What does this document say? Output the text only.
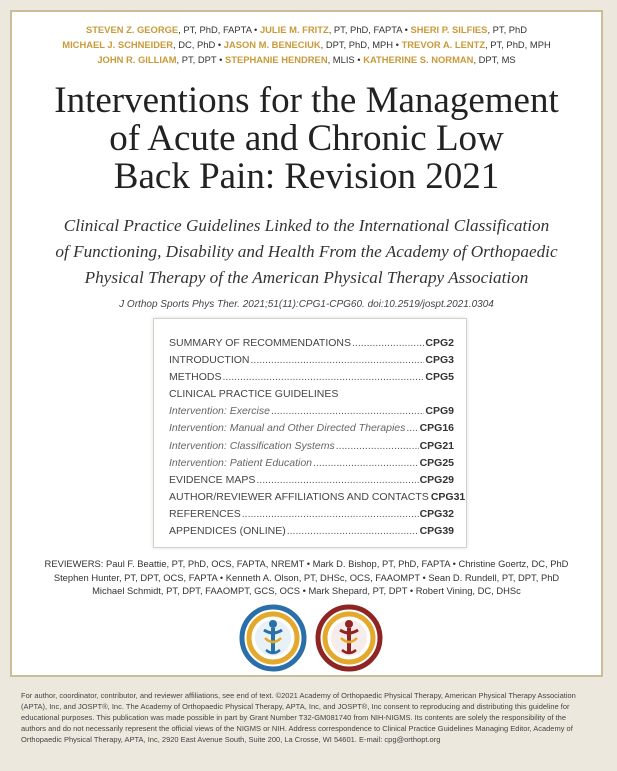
STEVEN Z. GEORGE, PT, PhD, FAPTA • JULIE M. FRITZ, PT, PhD, FAPTA • SHERI P. SILFIES, PT, PhD
MICHAEL J. SCHNEIDER, DC, PhD • JASON M. BENECIUK, DPT, PhD, MPH • TREVOR A. LENTZ, PT, PhD, MPH
JOHN R. GILLIAM, PT, DPT • STEPHANIE HENDREN, MLIS • KATHERINE S. NORMAN, DPT, MS
Interventions for the Management
of Acute and Chronic Low
Back Pain: Revision 2021
Clinical Practice Guidelines Linked to the International Classification
of Functioning, Disability and Health From the Academy of Orthopaedic
Physical Therapy of the American Physical Therapy Association
J Orthop Sports Phys Ther. 2021;51(11):CPG1-CPG60. doi:10.2519/jospt.2021.0304
SUMMARY OF RECOMMENDATIONS .....	CPG2
INTRODUCTION .....	CPG3
METHODS .....	CPG5
CLINICAL PRACTICE GUIDELINES
Intervention: Exercise .....	CPG9
Intervention: Manual and Other Directed Therapies ..... CPG16
Intervention: Classification Systems .....	CPG21
Intervention: Patient Education .....	CPG25
EVIDENCE MAPS .....	CPG29
AUTHOR/REVIEWER AFFILIATIONS AND CONTACTS CPG31
REFERENCES .....	CPG32
APPENDICES (ONLINE) .....	CPG39
REVIEWERS: Paul F. Beattie, PT, PhD, OCS, FAPTA, NREMT • Mark D. Bishop, PT, PhD, FAPTA • Christine Goertz, DC, PhD
Stephen Hunter, PT, DPT, OCS, FAPTA • Kenneth A. Olson, PT, DHSc, OCS, FAAOMPT • Sean D. Rundell, PT, DPT, PhD
Michael Schmidt, PT, DPT, FAAOMPT, GCS, OCS • Mark Shepard, PT, DPT • Robert Vining, DC, DHSc
For author, coordinator, contributor, and reviewer affiliations, see end of text. ©2021 Academy of Orthopaedic Physical Therapy, American Physical Therapy Association
(APTA), Inc, and JOSPT®, Inc. The Academy of Orthopaedic Physical Therapy, APTA, Inc, and JOSPT®, Inc consent to reproducing and distributing this guideline for
educational purposes. This publication was made possible in part by Grant Number T32-GM081740 from NIH-NIGMS. Its contents are solely the responsibility of the
authors and do not necessarily represent the official views of the NIGMS or NIH. Address correspondence to Clinical Practice Guidelines Managing Editor, Academy of
Orthopaedic Physical Therapy, APTA, Inc, 2920 East Avenue South, Suite 200, La Crosse, WI 54601. E-mail: cpg@orthopt.org
